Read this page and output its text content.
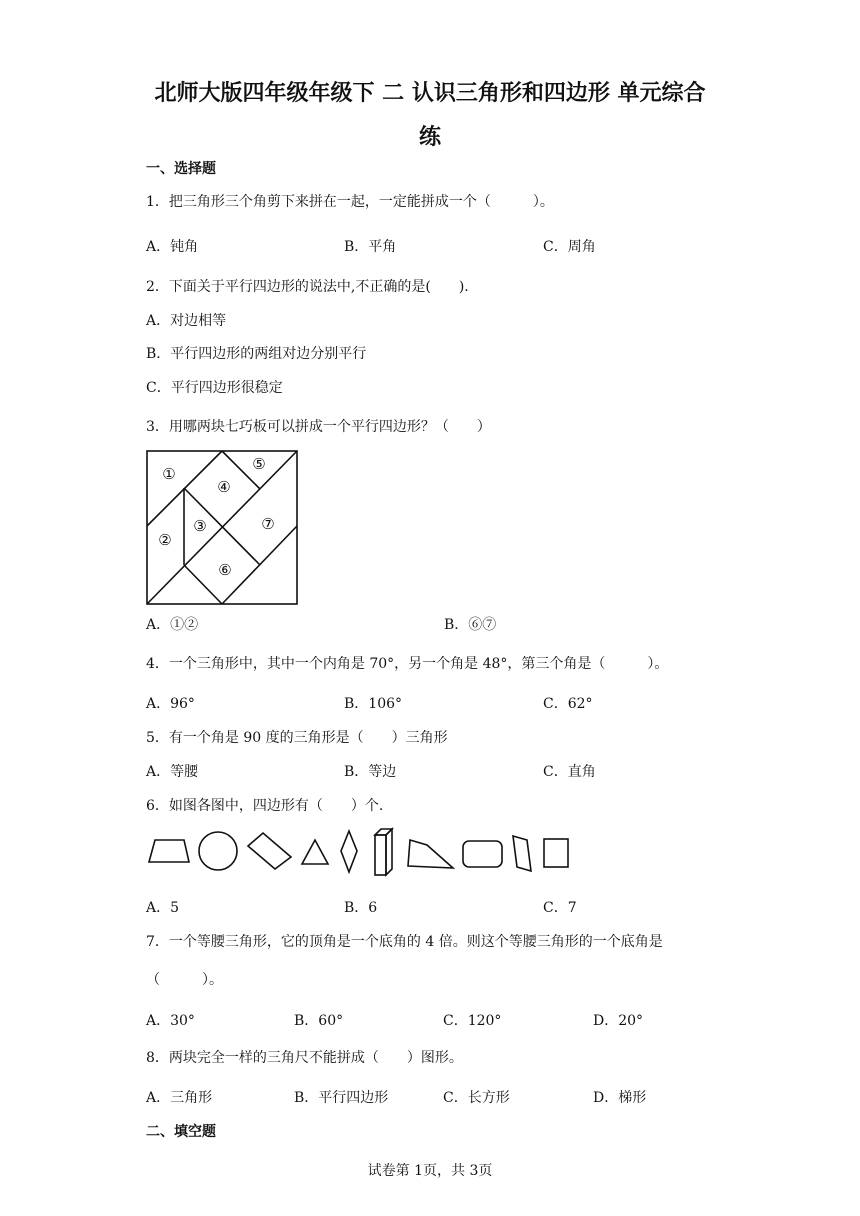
北师大版四年级年级下 二 认识三角形和四边形 单元综合
练
一、选择题
1．把三角形三个角剪下来拼在一起，一定能拼成一个（　　　）。
A．钝角	B．平角	C．周角
2．下面关于平行四边形的说法中,不正确的是(　　).
A．对边相等
B．平行四边形的两组对边分别平行
C．平行四边形很稳定
3．用哪两块七巧板可以拼成一个平行四边形？（　　）
①
②
③
④
⑤
⑥
⑦
A．①②	B．⑥⑦
4．一个三角形中，其中一个内角是 70°，另一个角是 48°，第三个角是（　　　）。
A．96°	B．106°	C．62°
5．有一个角是 90 度的三角形是（　　）三角形
A．等腰	B．等边	C．直角
6．如图各图中，四边形有（　　）个.
A．5	B．6	C．7
7．一个等腰三角形，它的顶角是一个底角的 4 倍。则这个等腰三角形的一个底角是
（　　　）。
A．30°	B．60°	C．120°	D．20°
8．两块完全一样的三角尺不能拼成（　　）图形。
A．三角形	B．平行四边形	C．长方形	D．梯形
二、填空题
试卷第 1页，共 3页
